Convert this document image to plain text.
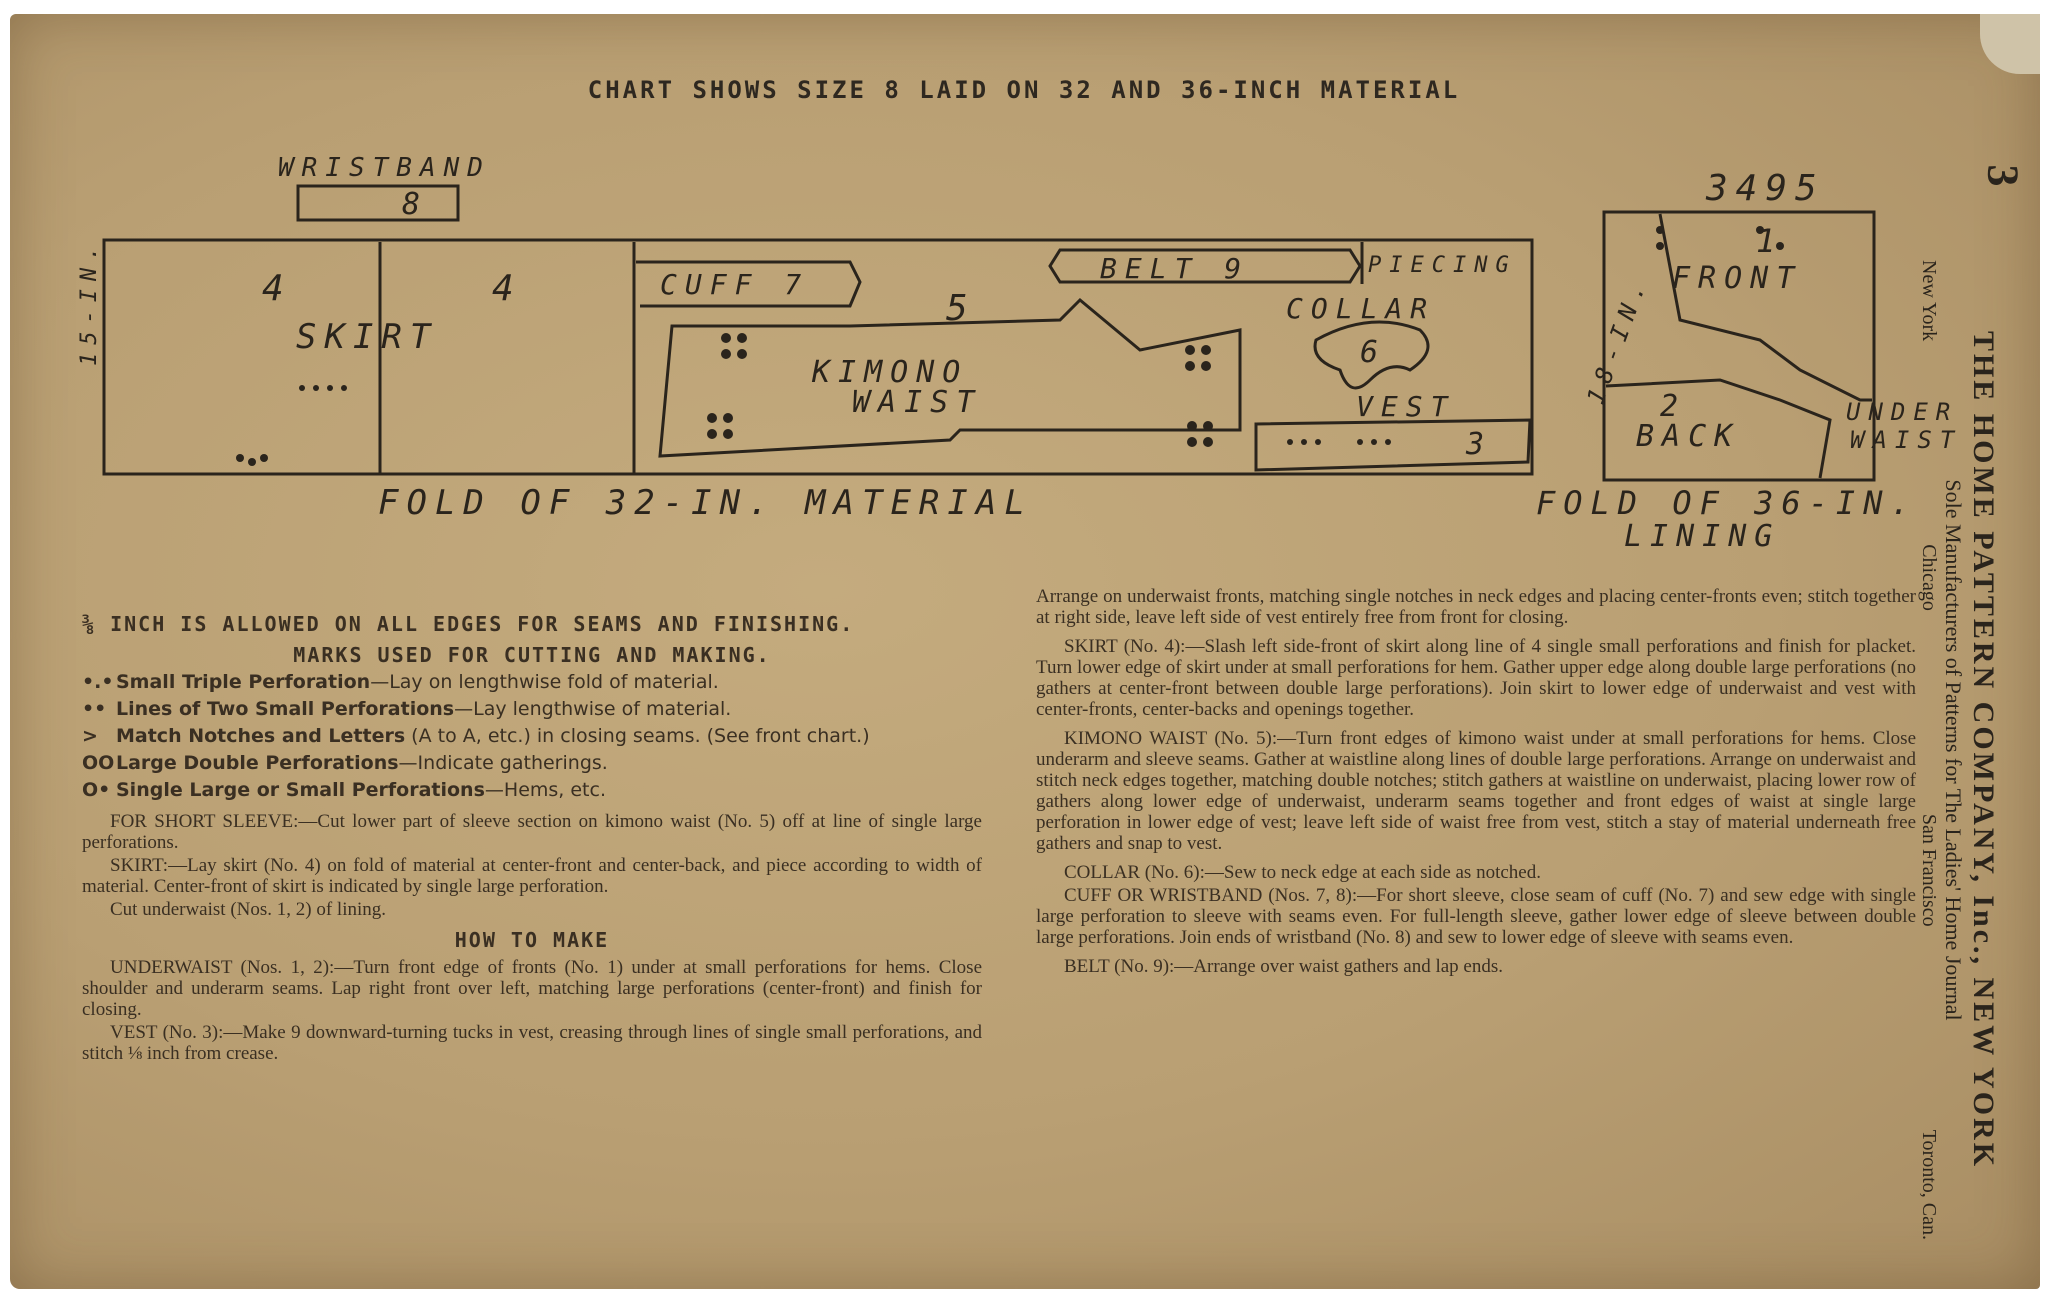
CHART SHOWS SIZE 8 LAID ON 32 AND 36-INCH MATERIAL
WRISTBAND
8
15-IN.	4	4
SKIRT
CUFF 7
5
KIMONO
WAIST
BELT 9	PIECING
COLLAR
6
VEST
3
FOLD OF 32-IN. MATERIAL
3495
18-IN.
1
FRONT
2
BACK
UNDER
WAIST
FOLD OF 36-IN.
LINING

⅜ INCH IS ALLOWED ON ALL EDGES FOR SEAMS AND FINISHING.

MARKS USED FOR CUTTING AND MAKING.

•.• Small Triple Perforation—Lay on lengthwise fold of material.

•• Lines of Two Small Perforations—Lay lengthwise of material.

> Match Notches and Letters (A to A, etc.) in closing seams. (See front chart.)

OOLarge Double Perforations—Indicate gatherings.

O• Single Large or Small Perforations—Hems, etc.

FOR SHORT SLEEVE:—Cut lower part of sleeve section on kimono waist (No. 5) off at line of single large perforations.

SKIRT:—Lay skirt (No. 4) on fold of material at center-front and center-back, and piece according to width of material. Center-front of skirt is indicated by single large perforation.

Cut underwaist (Nos. 1, 2) of lining.

HOW TO MAKE

UNDERWAIST (Nos. 1, 2):—Turn front edge of fronts (No. 1) under at small perforations for hems. Close shoulder and underarm seams. Lap right front over left, matching large perforations (center-front) and finish for closing.

VEST (No. 3):—Make 9 downward-turning tucks in vest, creasing through lines of single small perforations, and stitch ⅛ inch from crease.

Arrange on underwaist fronts, matching single notches in neck edges and placing center-fronts even; stitch together at right side, leave left side of vest entirely free from front for closing.

SKIRT (No. 4):—Slash left side-front of skirt along line of 4 single small perforations and finish for placket. Turn lower edge of skirt under at small perforations for hem. Gather upper edge along double large perforations (no gathers at center-front between double large perforations). Join skirt to lower edge of underwaist and vest with center-fronts, center-backs and openings together.

KIMONO WAIST (No. 5):—Turn front edges of kimono waist under at small perforations for hems. Close underarm and sleeve seams. Gather at waistline along lines of double large perforations. Arrange on underwaist and stitch neck edges together, matching double notches; stitch gathers at waistline on underwaist, placing lower row of gathers along lower edge of underwaist, underarm seams together and front edges of waist at single large perforation in lower edge of vest; leave left side of waist free from vest, stitch a stay of material underneath free gathers and snap to vest.

COLLAR (No. 6):—Sew to neck edge at each side as notched.

CUFF OR WRISTBAND (Nos. 7, 8):—For short sleeve, close seam of cuff (No. 7) and sew edge with single large perforation to sleeve with seams even. For full-length sleeve, gather lower edge of sleeve between double large perforations. Join ends of wristband (No. 8) and sew to lower edge of sleeve with seams even.

BELT (No. 9):—Arrange over waist gathers and lap ends.	THE HOME PATTERN COMPANY, Inc., NEW YORK
Sole Manufacturers of Patterns for The Ladies' Home Journal
New York
Chicago
San Francisco
Toronto, Can.
3
